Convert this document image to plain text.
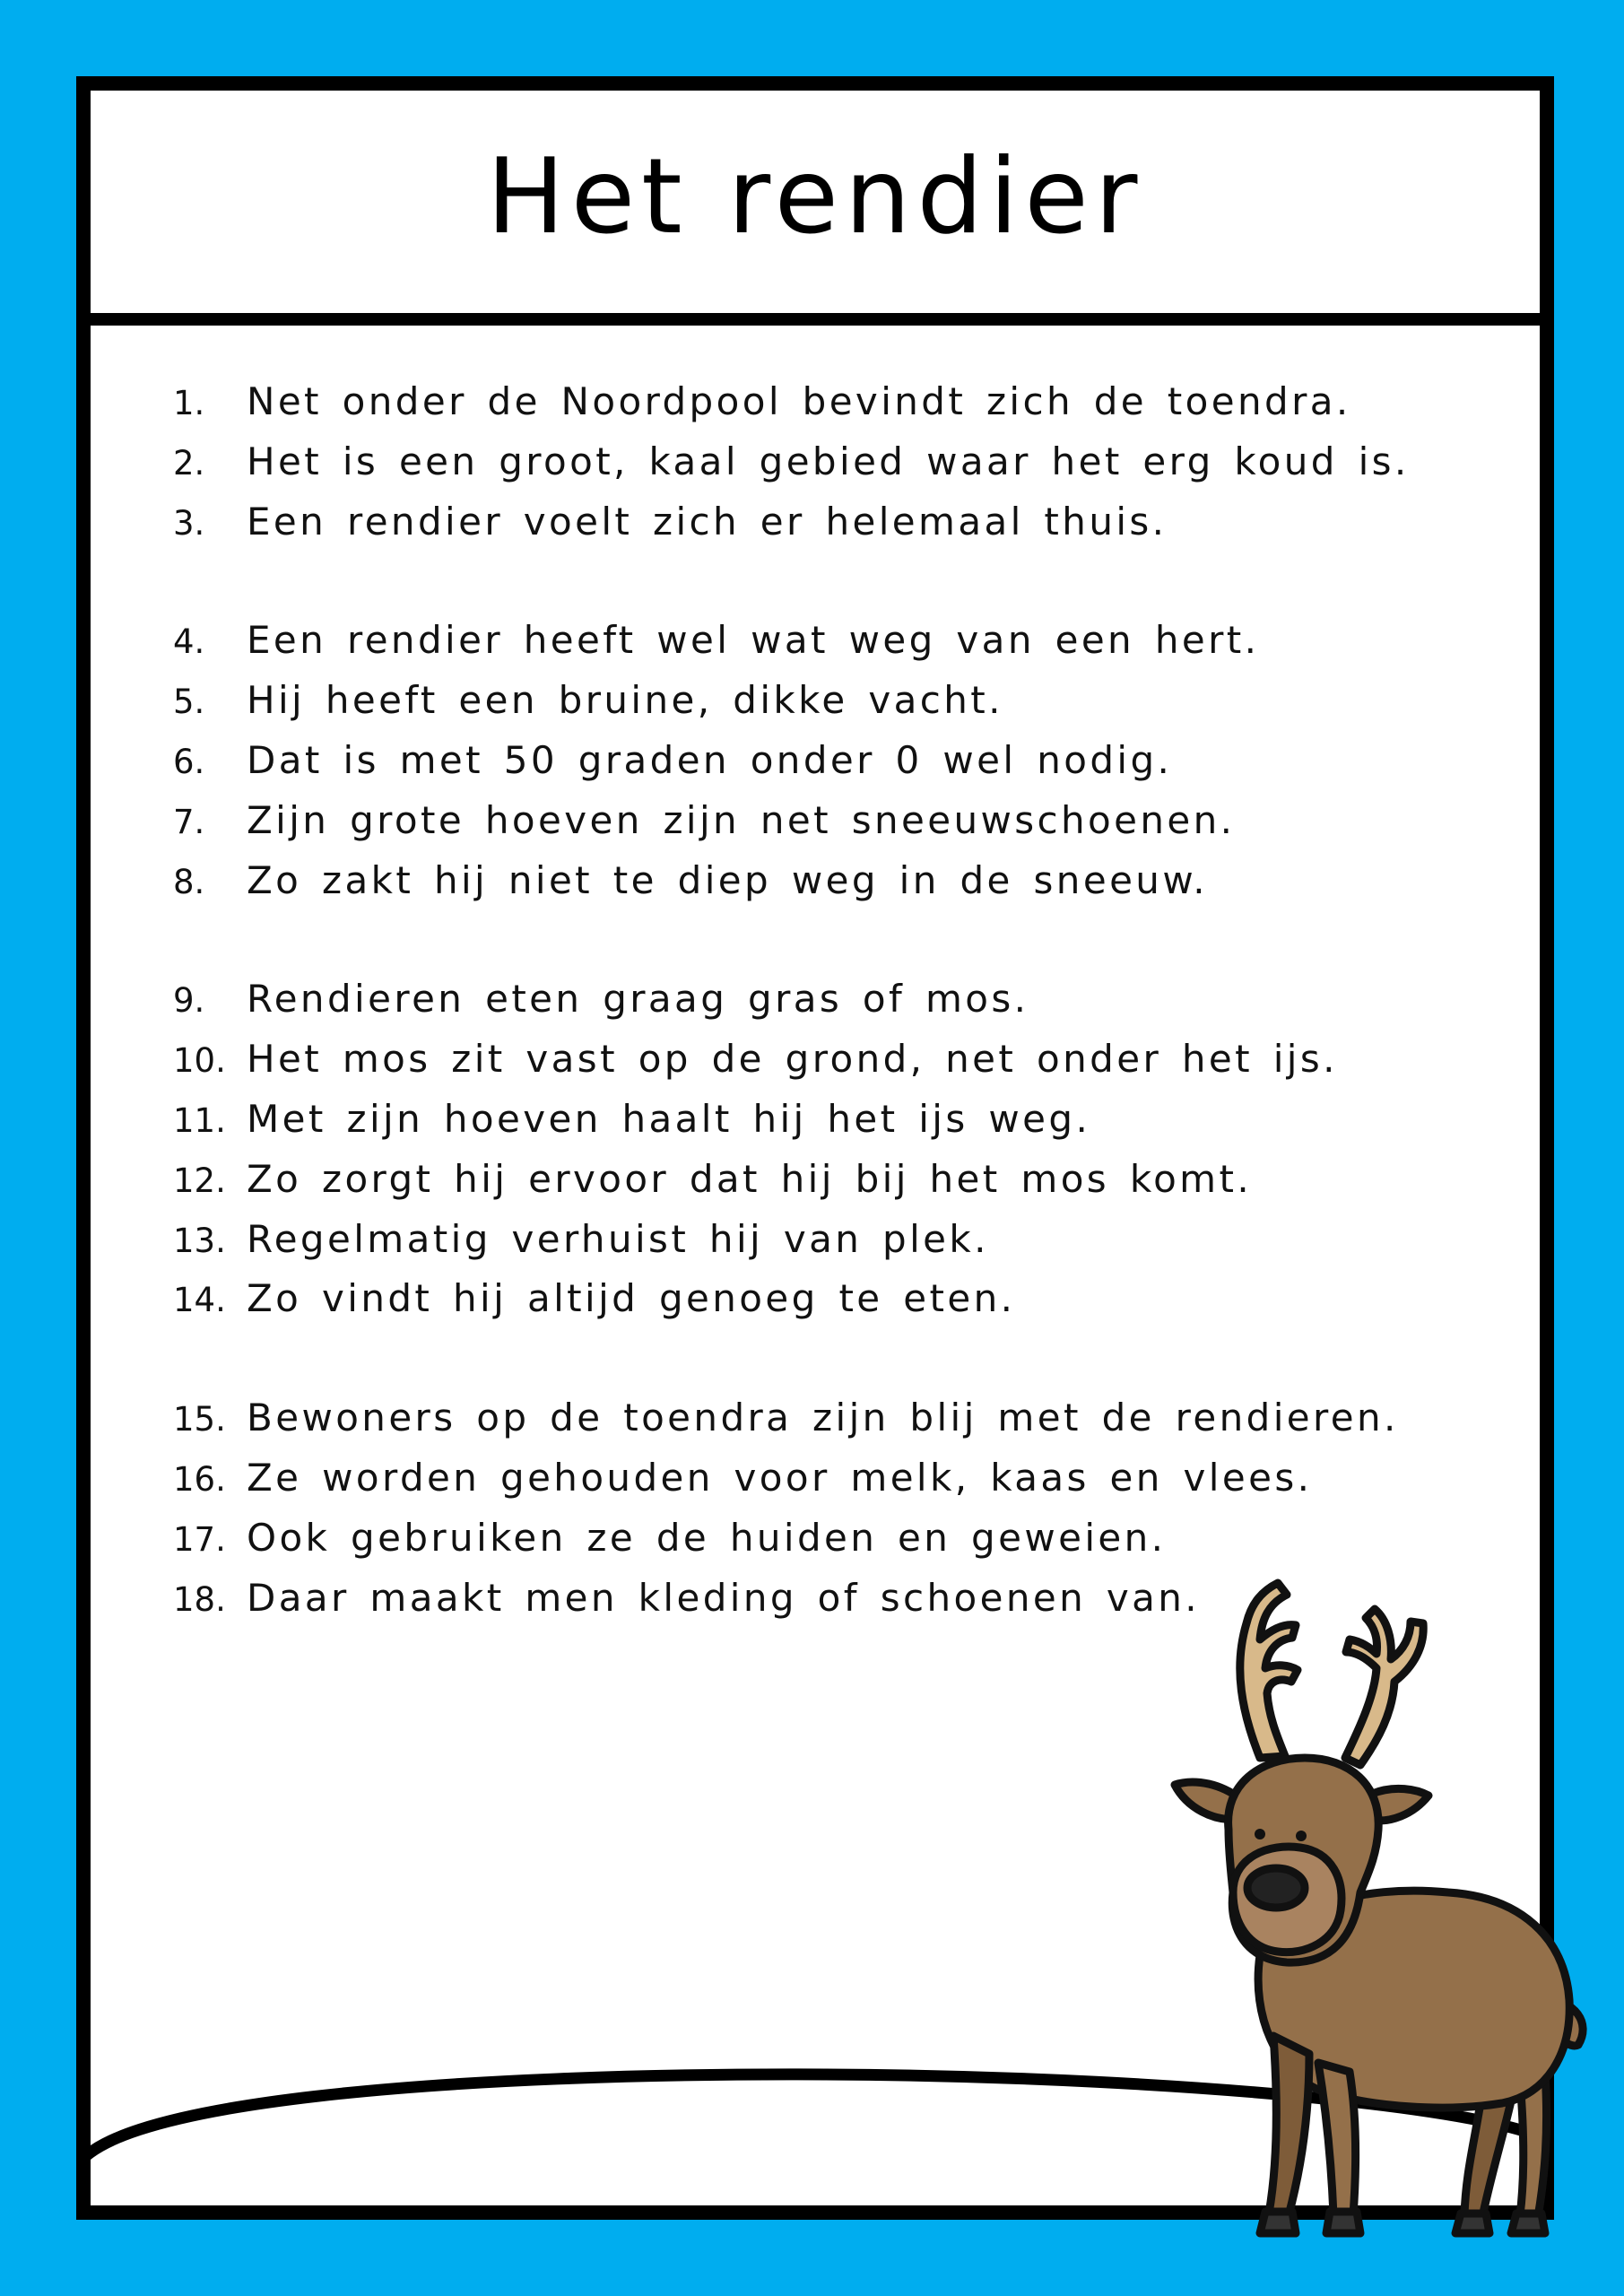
Het rendier
1.	Net onder de Noordpool bevindt zich de toendra.
2.	Het is een groot, kaal gebied waar het erg koud is.
3.	Een rendier voelt zich er helemaal thuis.
4.	Een rendier heeft wel wat weg van een hert.
5.	Hij heeft een bruine, dikke vacht.
6.	Dat is met 50 graden onder 0 wel nodig.
7.	Zijn grote hoeven zijn net sneeuwschoenen.
8.	Zo zakt hij niet te diep weg in de sneeuw.
9.	Rendieren eten graag gras of mos.
10. Het mos zit vast op de grond, net onder het ijs.
11. Met zijn hoeven haalt hij het ijs weg.
12. Zo zorgt hij ervoor dat hij bij het mos komt.
13. Regelmatig verhuist hij van plek.
14. Zo vindt hij altijd genoeg te eten.
15. Bewoners op de toendra zijn blij met de rendieren.
16. Ze worden gehouden voor melk, kaas en vlees.
17. Ook gebruiken ze de huiden en geweien.
18. Daar maakt men kleding of schoenen van.
